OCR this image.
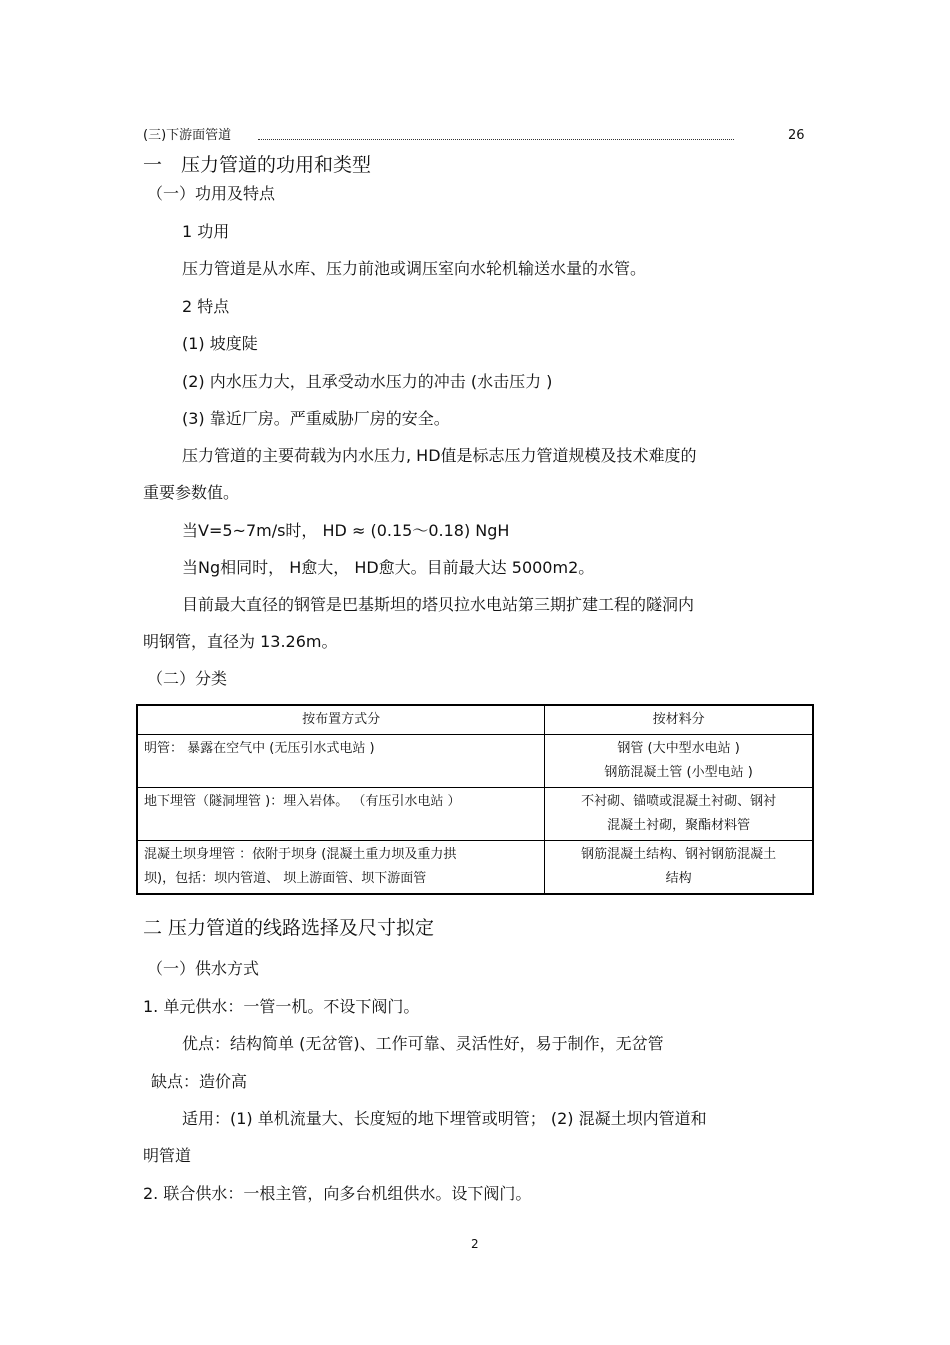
(三)下游面管道	26
一　压力管道的功用和类型
（一）功用及特点
1 功用
压力管道是从水库、压力前池或调压室向水轮机输送水量的水管。
2 特点
(1) 坡度陡
(2) 内水压力大，且承受动水压力的冲击 (水击压力 )
(3) 靠近厂房。严重威胁厂房的安全。
压力管道的主要荷载为内水压力, HD值是标志压力管道规模及技术难度的
重要参数值。
当V=5~7m/s时， HD ≈ (0.15～0.18) NgH
当Ng相同时， H愈大， HD愈大。目前最大达 5000m2。
目前最大直径的钢管是巴基斯坦的塔贝拉水电站第三期扩建工程的隧洞内
明钢管，直径为 13.26m。
（二）分类
按布置方式分	按材料分

明管： 暴露在空气中 (无压引水式电站 )	钢管 (大中型水电站 )
钢筋混凝土管 (小型电站 )

地下埋管（隧洞埋管 )：埋入岩体。 （有压引水电站 ）	不衬砌、锚喷或混凝土衬砌、钢衬
混凝土衬砌，聚酯材料管

混凝土坝身埋管 ：依附于坝身 (混凝土重力坝及重力拱
坝)，包括：坝内管道、 坝上游面管、坝下游面管	钢筋混凝土结构、钢衬钢筋混凝土
结构
二 压力管道的线路选择及尺寸拟定
（一）供水方式
1. 单元供水：一管一机。不设下阀门。
优点：结构简单 (无岔管)、工作可靠、灵活性好，易于制作，无岔管
缺点：造价高
适用：(1) 单机流量大、长度短的地下埋管或明管； (2) 混凝土坝内管道和
明管道
2. 联合供水：一根主管，向多台机组供水。设下阀门。
2
